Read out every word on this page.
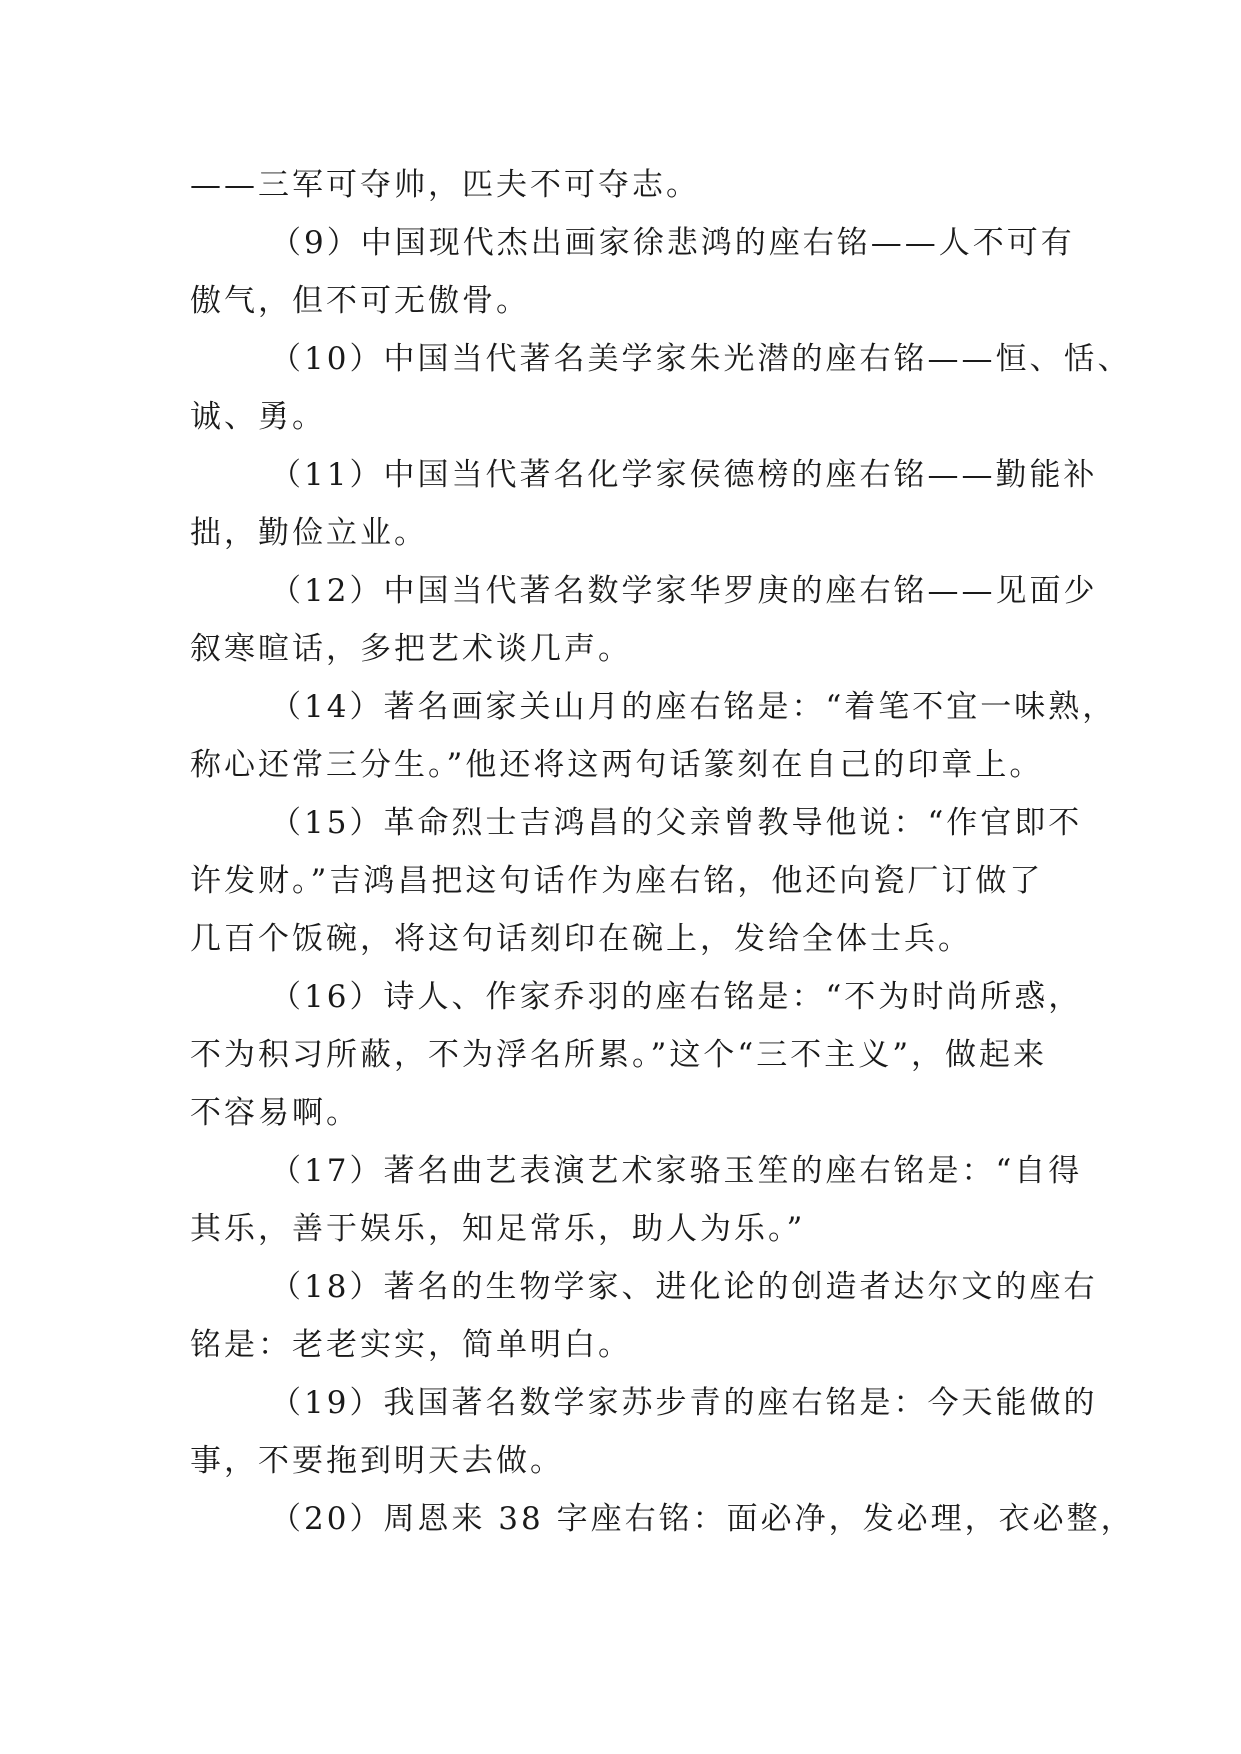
——三军可夺帅，匹夫不可夺志。
（9）中国现代杰出画家徐悲鸿的座右铭——人不可有
傲气，但不可无傲骨。
（10）中国当代著名美学家朱光潜的座右铭——恒、恬、
诚、勇。
（11）中国当代著名化学家侯德榜的座右铭——勤能补
拙，勤俭立业。
（12）中国当代著名数学家华罗庚的座右铭——见面少
叙寒暄话，多把艺术谈几声。
（14）著名画家关山月的座右铭是：“着笔不宜一味熟，
称心还常三分生。”他还将这两句话篆刻在自己的印章上。
（15）革命烈士吉鸿昌的父亲曾教导他说：“作官即不
许发财。”吉鸿昌把这句话作为座右铭，他还向瓷厂订做了
几百个饭碗，将这句话刻印在碗上，发给全体士兵。
（16）诗人、作家乔羽的座右铭是：“不为时尚所惑，
不为积习所蔽，不为浮名所累。”这个“三不主义”，做起来
不容易啊。
（17）著名曲艺表演艺术家骆玉笙的座右铭是：“自得
其乐，善于娱乐，知足常乐，助人为乐。”
（18）著名的生物学家、进化论的创造者达尔文的座右
铭是：老老实实，简单明白。
（19）我国著名数学家苏步青的座右铭是：今天能做的
事，不要拖到明天去做。
（20）周恩来 38 字座右铭：面必净，发必理，衣必整，
